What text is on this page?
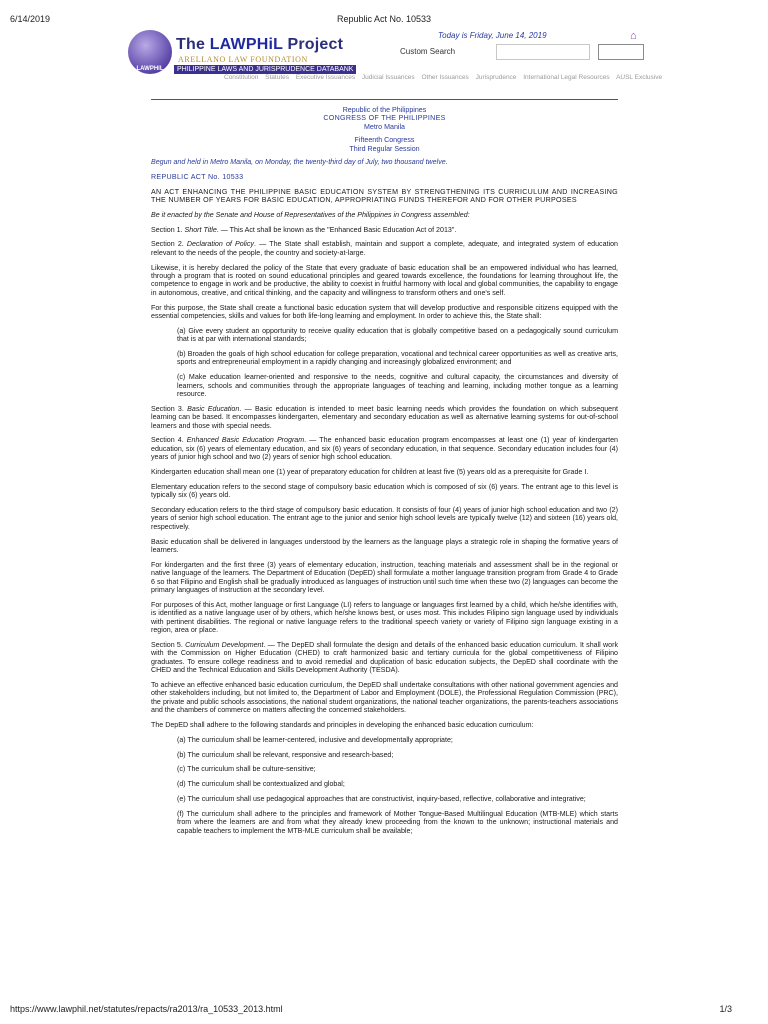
6/14/2019	Republic Act No. 10533
LAWPHIL
The LAWPHiL Project
ARELLANO LAW FOUNDATION
PHILIPPINE LAWS AND JURISPRUDENCE DATABANK
Today is Friday, June 14, 2019	⌂
Custom Search
Constitution Statutes Executive Issuances Judicial Issuances Other Issuances Jurisprudence International Legal Resources AUSL Exclusive
Republic of the Philippines
CONGRESS OF THE PHILIPPINES
Metro Manila
Fifteenth Congress
Third Regular Session

Begun and held in Metro Manila, on Monday, the twenty-third day of July, two thousand twelve.

REPUBLIC ACT No. 10533

AN ACT ENHANCING THE PHILIPPINE BASIC EDUCATION SYSTEM BY STRENGTHENING ITS CURRICULUM AND INCREASING THE NUMBER OF YEARS FOR BASIC EDUCATION, APPROPRIATING FUNDS THEREFOR AND FOR OTHER PURPOSES

Be it enacted by the Senate and House of Representatives of the Philippines in Congress assembled:

Section 1. Short Title. — This Act shall be known as the "Enhanced Basic Education Act of 2013".

Section 2. Declaration of Policy. — The State shall establish, maintain and support a complete, adequate, and integrated system of education relevant to the needs of the people, the country and society-at-large.

Likewise, it is hereby declared the policy of the State that every graduate of basic education shall be an empowered individual who has learned, through a program that is rooted on sound educational principles and geared towards excellence, the foundations for learning throughout life, the competence to engage in work and be productive, the ability to coexist in fruitful harmony with local and global communities, the capability to engage in autonomous, creative, and critical thinking, and the capacity and willingness to transform others and one's self.

For this purpose, the State shall create a functional basic education system that will develop productive and responsible citizens equipped with the essential competencies, skills and values for both life-long learning and employment. In order to achieve this, the State shall:

(a) Give every student an opportunity to receive quality education that is globally competitive based on a pedagogically sound curriculum that is at par with international standards;

(b) Broaden the goals of high school education for college preparation, vocational and technical career opportunities as well as creative arts, sports and entrepreneurial employment in a rapidly changing and increasingly globalized environment; and

(c) Make education learner-oriented and responsive to the needs, cognitive and cultural capacity, the circumstances and diversity of learners, schools and communities through the appropriate languages of teaching and learning, including mother tongue as a learning resource.

Section 3. Basic Education. — Basic education is intended to meet basic learning needs which provides the foundation on which subsequent learning can be based. It encompasses kindergarten, elementary and secondary education as well as alternative learning systems for out-of-school learners and those with special needs.

Section 4. Enhanced Basic Education Program. — The enhanced basic education program encompasses at least one (1) year of kindergarten education, six (6) years of elementary education, and six (6) years of secondary education, in that sequence. Secondary education includes four (4) years of junior high school and two (2) years of senior high school education.

Kindergarten education shall mean one (1) year of preparatory education for children at least five (5) years old as a prerequisite for Grade I.

Elementary education refers to the second stage of compulsory basic education which is composed of six (6) years. The entrant age to this level is typically six (6) years old.

Secondary education refers to the third stage of compulsory basic education. It consists of four (4) years of junior high school education and two (2) years of senior high school education. The entrant age to the junior and senior high school levels are typically twelve (12) and sixteen (16) years old, respectively.

Basic education shall be delivered in languages understood by the learners as the language plays a strategic role in shaping the formative years of learners.

For kindergarten and the first three (3) years of elementary education, instruction, teaching materials and assessment shall be in the regional or native language of the learners. The Department of Education (DepED) shall formulate a mother language transition program from Grade 4 to Grade 6 so that Filipino and English shall be gradually introduced as languages of instruction until such time when these two (2) languages can become the primary languages of instruction at the secondary level.

For purposes of this Act, mother language or first Language (LI) refers to language or languages first learned by a child, which he/she identifies with, is identified as a native language user of by others, which he/she knows best, or uses most. This includes Filipino sign language used by individuals with pertinent disabilities. The regional or native language refers to the traditional speech variety or variety of Filipino sign language existing in a region, area or place.

Section 5. Curriculum Development. — The DepED shall formulate the design and details of the enhanced basic education curriculum. It shall work with the Commission on Higher Education (CHED) to craft harmonized basic and tertiary curricula for the global competitiveness of Filipino graduates. To ensure college readiness and to avoid remedial and duplication of basic education subjects, the DepED shall coordinate with the CHED and the Technical Education and Skills Development Authority (TESDA).

To achieve an effective enhanced basic education curriculum, the DepED shall undertake consultations with other national government agencies and other stakeholders including, but not limited to, the Department of Labor and Employment (DOLE), the Professional Regulation Commission (PRC), the private and public schools associations, the national student organizations, the national teacher organizations, the parents-teachers associations and the chambers of commerce on matters affecting the concerned stakeholders.

The DepED shall adhere to the following standards and principles in developing the enhanced basic education curriculum:

(a) The curriculum shall be learner-centered, inclusive and developmentally appropriate;

(b) The curriculum shall be relevant, responsive and research-based;

(c) The curriculum shall be culture-sensitive;

(d) The curriculum shall be contextualized and global;

(e) The curriculum shall use pedagogical approaches that are constructivist, inquiry-based, reflective, collaborative and integrative;

(f) The curriculum shall adhere to the principles and framework of Mother Tongue-Based Multilingual Education (MTB-MLE) which starts from where the learners are and from what they already knew proceeding from the known to the unknown; instructional materials and capable teachers to implement the MTB-MLE curriculum shall be available;

https://www.lawphil.net/statutes/repacts/ra2013/ra_10533_2013.html	1/3
